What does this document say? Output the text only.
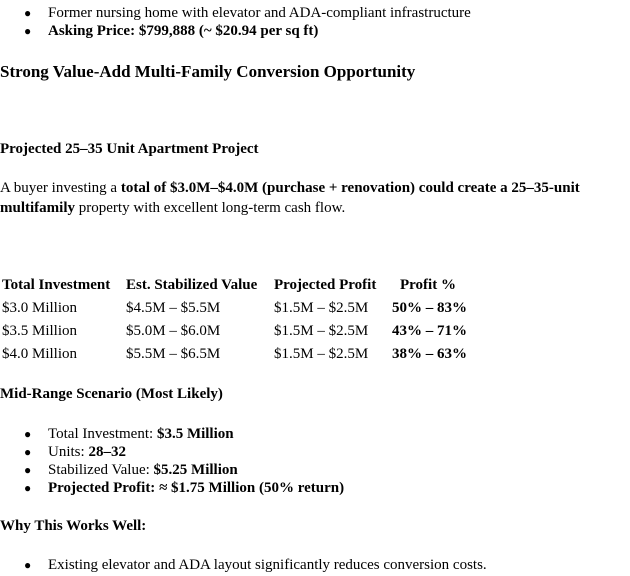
● Former nursing home with elevator and ADA-compliant infrastructure
● Asking Price: $799,888 (~ $20.94 per sq ft)
Strong Value-Add Multi-Family Conversion Opportunity
Projected 25–35 Unit Apartment Project
A buyer investing a total of $3.0M–$4.0M (purchase + renovation) could create a 25–35-unit multifamily property with excellent long-term cash flow.
Total Investment	Est. Stabilized Value	Projected Profit	Profit %
$3.0 Million	$4.5M – $5.5M	$1.5M – $2.5M	50% – 83%
$3.5 Million	$5.0M – $6.0M	$1.5M – $2.5M	43% – 71%
$4.0 Million	$5.5M – $6.5M	$1.5M – $2.5M	38% – 63%
Mid-Range Scenario (Most Likely)
● Total Investment: $3.5 Million
● Units: 28–32
● Stabilized Value: $5.25 Million
● Projected Profit: ≈ $1.75 Million (50% return)
Why This Works Well:
● Existing elevator and ADA layout significantly reduces conversion costs.
